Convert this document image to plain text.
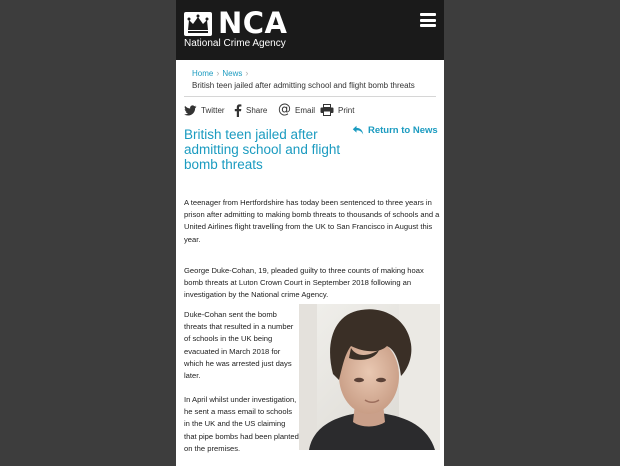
NCA
National Crime Agency
Home › News ›
British teen jailed after admitting school and flight bomb threats
Twitter	Share @ Email	Print
British teen jailed after admitting school and flight bomb threats
Return to News

A teenager from Hertfordshire has today been sentenced to three years in prison after admitting to making bomb threats to thousands of schools and a United Airlines flight travelling from the UK to San Francisco in August this year.

George Duke-Cohan, 19, pleaded guilty to three counts of making hoax bomb threats at Luton Crown Court in September 2018 following an investigation by the National crime Agency.

Duke-Cohan sent the bomb threats that resulted in a number of schools in the UK being evacuated in March 2018 for which he was arrested just days later.

In April whilst under investigation, he sent a mass email to schools in the UK and the US claiming that pipe bombs had been planted on the premises.
